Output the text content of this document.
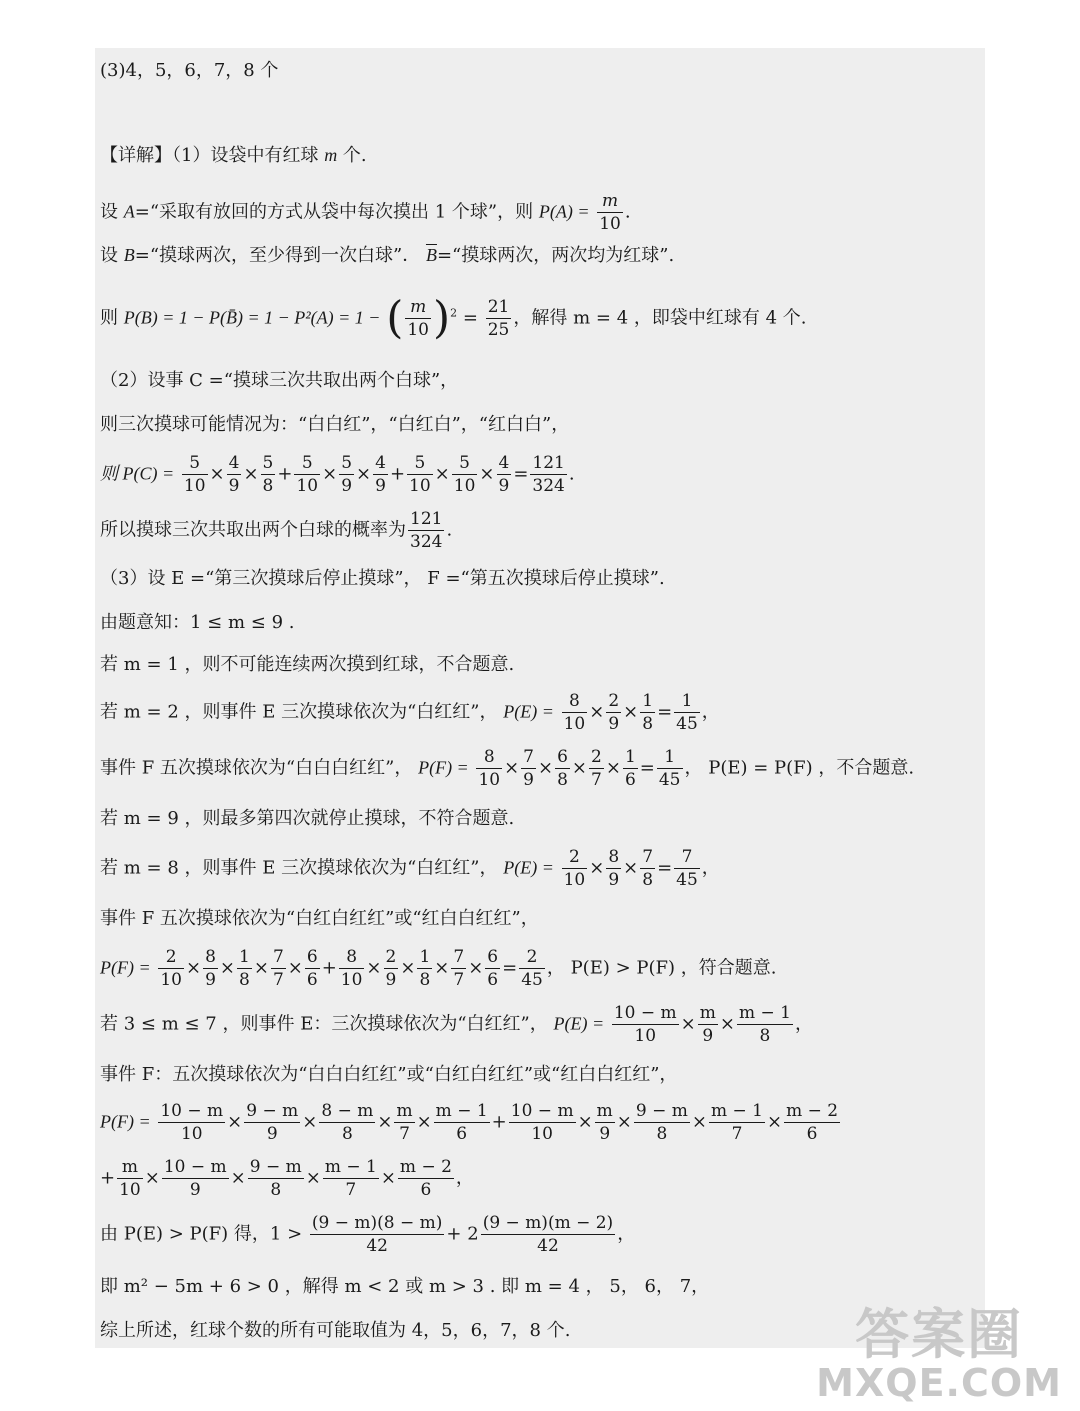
(3)4，5，6，7，8 个
【详解】（1）设袋中有红球 m 个.
设 A=“采取有放回的方式从袋中每次摸出 1 个球”，则 $P(A) = \frac{m}{10}$ .
设 B=“摸球两次，至少得到一次白球”． $\overline{B}=“$摸球两次，两次均为红球”.
则 P(B) = 1 − P(B̄) = 1 − P²(A) = 1 − ( $\frac{m}{10} )^2 = \frac{21}{25}$ ，解得 m = 4 ，即袋中红球有 4 个.
（2）设事 C =“摸球三次共取出两个白球”，
则三次摸球可能情况为：“白白红”，“白红白”，“红白白”，
则 $P(C) = \frac{5}{10} \times \frac{4}{9} \times \frac{5}{8} + \frac{5}{10} \times \frac{5}{9} \times \frac{4}{9} + \frac{5}{10} \times \frac{5}{10} \times \frac{4}{9} = \frac{121}{324}$ .
所以摸球三次共取出两个白球的概率为 $\frac{121}{324}$ .
（3）设 E =“第三次摸球后停止摸球”， F =“第五次摸球后停止摸球”.
由题意知：1 ≤ m ≤ 9 .
若 m = 1 ，则不可能连续两次摸到红球，不合题意.
若 m = 2 ，则事件 E 三次摸球依次为“白红红”， $P(E) = \frac{8}{10} \times \frac{2}{9} \times \frac{1}{8} = \frac{1}{45}$ ，
事件 F 五次摸球依次为“白白白红红”， $P(F) = \frac{8}{10} \times \frac{7}{9} \times \frac{6}{8} \times \frac{2}{7} \times \frac{1}{6} = \frac{1}{45}$ ， P(E) = P(F) ，不合题意.
若 m = 9 ，则最多第四次就停止摸球，不符合题意.
若 m = 8 ，则事件 E 三次摸球依次为“白红红”， $P(E) = \frac{2}{10} \times \frac{8}{9} \times \frac{7}{8} = \frac{7}{45}$ ，
事件 F 五次摸球依次为“白红白红红”或“红白白红红”，
$P(F) = \frac{2}{10} \times \frac{8}{9} \times \frac{1}{8} \times \frac{7}{7} \times \frac{6}{6} + \frac{8}{10} \times \frac{2}{9} \times \frac{1}{8} \times \frac{7}{7} \times \frac{6}{6} = \frac{2}{45}$ ， P(E) > P(F) ，符合题意.
若 3 ≤ m ≤ 7 ，则事件 E：三次摸球依次为“白红红”， $P(E) = \frac{10 - m}{10} \times \frac{m}{9} \times \frac{m - 1}{8}$ ，
事件 F：五次摸球依次为“白白白红红”或“白红白红红”或“红白白红红”，
$P(F) = \frac{10 - m}{10} \times \frac{9 - m}{9} \times \frac{8 - m}{8} \times \frac{m}{7} \times \frac{m - 1}{6} + \frac{10 - m}{10} \times \frac{m}{9} \times \frac{9 - m}{8} \times \frac{m - 1}{7} \times \frac{m - 2}{6}$
+ $\frac{m}{10} \times \frac{10 - m}{9} \times \frac{9 - m}{8} \times \frac{m - 1}{7} \times \frac{m - 2}{6}$ ，
由 P(E) > P(F) 得，$1 > \frac{(9 - m)(8 - m)}{42} + 2 \frac{(9 - m)(m - 2)}{42}$ ，
即 m² − 5m + 6 > 0 ，解得 m < 2 或 m > 3 . 即 m = 4 ， 5， 6， 7，
综上所述，红球个数的所有可能取值为 4，5，6，7，8 个.	答案圈
MXQE.COM
